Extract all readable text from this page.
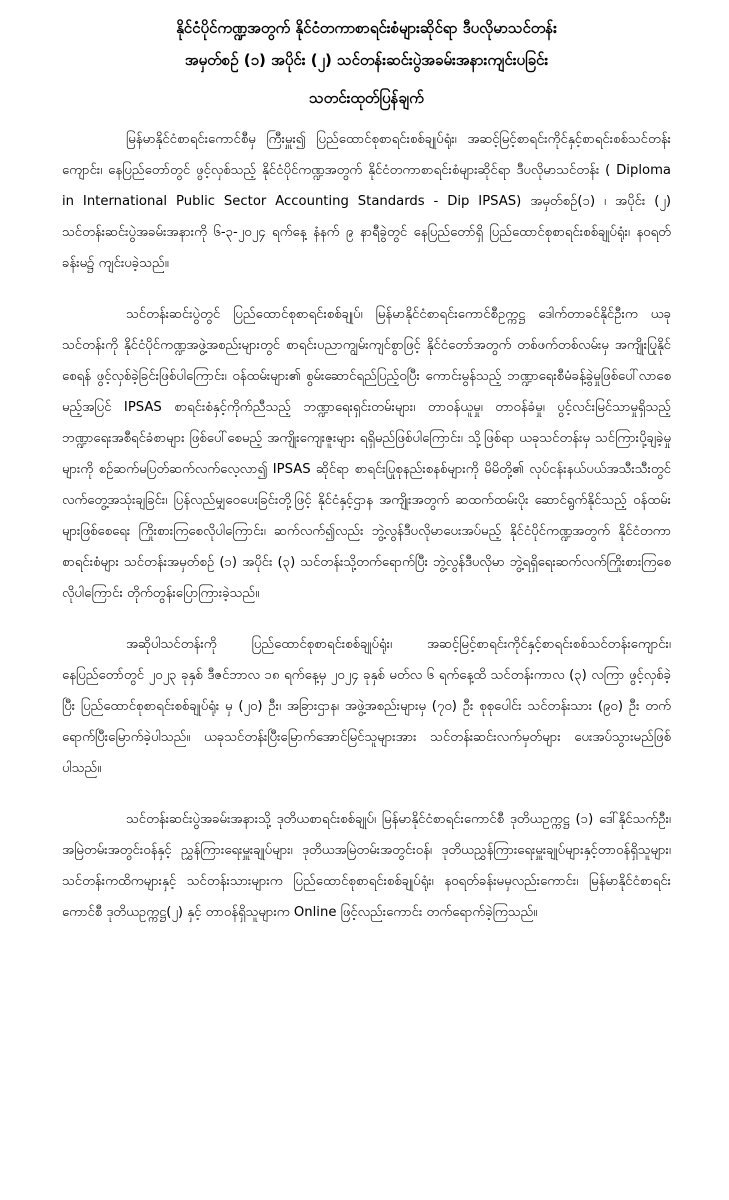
နိုင်ငံပိုင်ကဏ္ဍအတွက် နိုင်ငံတကာစာရင်းစံများဆိုင်ရာ ဒီပလိုမာသင်တန်း
အမှတ်စဉ် (၁) အပိုင်း (၂) သင်တန်းဆင်းပွဲအခမ်းအနားကျင်းပခြင်း
သတင်းထုတ်ပြန်ချက်

မြန်မာနိုင်ငံစာရင်းကောင်စီမှ ကြီးမှူး၍ ပြည်ထောင်စုစာရင်းစစ်ချုပ်ရုံး၊ အဆင့်မြင့်စာရင်းကိုင်နှင့်စာရင်းစစ်သင်တန်းကျောင်း၊ နေပြည်တော်တွင် ဖွင့်လှစ်သည့် နိုင်ငံပိုင်ကဏ္ဍအတွက် နိုင်ငံတကာစာရင်းစံများဆိုင်ရာ ဒီပလိုမာသင်တန်း ( Diploma in International Public Sector Accounting Standards - Dip IPSAS) အမှတ်စဉ်(၁) ၊ အပိုင်း (၂) သင်တန်းဆင်းပွဲအခမ်းအနားကို ၆-၃-၂၀၂၄ ရက်နေ့ နံနက် ၉ နာရီခွဲတွင် နေပြည်တော်ရှိ ပြည်ထောင်စုစာရင်းစစ်ချုပ်ရုံး၊ နဝရတ်ခန်းမ၌ ကျင်းပခဲ့သည်။

သင်တန်းဆင်းပွဲတွင် ပြည်ထောင်စုစာရင်းစစ်ချုပ်၊ မြန်မာနိုင်ငံစာရင်းကောင်စီဥက္ကဋ္ဌ ဒေါက်တာခင်နိုင်ဦးက ယခုသင်တန်းကို နိုင်ငံပိုင်ကဏ္ဍအဖွဲ့အစည်းများတွင် စာရင်းပညာကျွမ်းကျင်စွာဖြင့် နိုင်ငံတော်အတွက် တစ်ဖက်တစ်လမ်းမှ အကျိုးပြုနိုင်စေရန် ဖွင့်လှစ်ခဲ့ခြင်းဖြစ်ပါကြောင်း၊ ဝန်ထမ်းများ၏ စွမ်းဆောင်ရည်ပြည့်ဝပြီး ကောင်းမွန်သည့် ဘဏ္ဍာရေးစီမံခန့်ခွဲမှုဖြစ်ပေါ်လာစေမည့်အပြင် IPSAS စာရင်းစံနှင့်ကိုက်ညီသည့် ဘဏ္ဍာရေးရှင်းတမ်းများ၊ တာဝန်ယူမှု၊ တာဝန်ခံမှု၊ ပွင့်လင်းမြင်သာမှုရှိသည့် ဘဏ္ဍာရေးအစီရင်ခံစာများ ဖြစ်ပေါ်စေမည့် အကျိုးကျေးဇူးများ ရရှိမည်ဖြစ်ပါကြောင်း၊ သို့ဖြစ်ရာ ယခုသင်တန်းမှ သင်ကြားပို့ချခဲ့မှုများကို စဉ်ဆက်မပြတ်ဆက်လက်လေ့လာ၍ IPSAS ဆိုင်ရာ စာရင်းပြုစုနည်းစနစ်များကို မိမိတို့၏ လုပ်ငန်းနယ်ပယ်အသီးသီးတွင် လက်တွေ့အသုံးချခြင်း၊ ပြန်လည်မျှဝေပေးခြင်းတို့ဖြင့် နိုင်ငံနှင့်ဌာန အကျိုးအတွက် ဆထက်ထမ်းပိုး ဆောင်ရွက်နိုင်သည့် ဝန်ထမ်းများဖြစ်စေရေး ကြိုးစားကြစေလိုပါကြောင်း၊ ဆက်လက်၍လည်း ဘွဲ့လွန်ဒီပလိုမာပေးအပ်မည့် နိုင်ငံပိုင်ကဏ္ဍအတွက် နိုင်ငံတကာစာရင်းစံများ သင်တန်းအမှတ်စဉ် (၁) အပိုင်း (၃) သင်တန်းသို့တက်ရောက်ပြီး ဘွဲ့လွန်ဒီပလိုမာ ဘွဲ့ရရှိရေးဆက်လက်ကြိုးစားကြစေလိုပါကြောင်း တိုက်တွန်းပြောကြားခဲ့သည်။

အဆိုပါသင်တန်းကို ပြည်ထောင်စုစာရင်းစစ်ချုပ်ရုံး၊ အဆင့်မြင့်စာရင်းကိုင်နှင့်စာရင်းစစ်သင်တန်းကျောင်း၊ နေပြည်တော်တွင် ၂၀၂၃ ခုနှစ် ဒီဇင်ဘာလ ၁၈ ရက်နေ့မှ ၂၀၂၄ ခုနှစ် မတ်လ ၆ ရက်နေ့ထိ သင်တန်းကာလ (၃) လကြာ ဖွင့်လှစ်ခဲ့ပြီး ပြည်ထောင်စုစာရင်းစစ်ချုပ်ရုံး မှ (၂၀) ဦး၊ အခြားဌာန၊ အဖွဲ့အစည်းများမှ (၇၀) ဦး စုစုပေါင်း သင်တန်းသား (၉၀) ဦး တက်ရောက်ပြီးမြောက်ခဲ့ပါသည်။ ယခုသင်တန်းပြီးမြောက်အောင်မြင်သူများအား သင်တန်းဆင်းလက်မှတ်များ ပေးအပ်သွားမည်ဖြစ်ပါသည်။

သင်တန်းဆင်းပွဲအခမ်းအနားသို့ ဒုတိယစာရင်းစစ်ချုပ်၊ မြန်မာနိုင်ငံစာရင်းကောင်စီ ဒုတိယဥက္ကဋ္ဌ (၁) ဒေါ်နိုင်သက်ဦး၊ အမြဲတမ်းအတွင်းဝန်နှင့် ညွှန်ကြားရေးမှူးချုပ်များ၊ ဒုတိယအမြဲတမ်းအတွင်းဝန်၊ ဒုတိယညွှန်ကြားရေးမှူးချုပ်များနှင့်တာဝန်ရှိသူများ၊ သင်တန်းကထိကများနှင့် သင်တန်းသားများက ပြည်ထောင်စုစာရင်းစစ်ချုပ်ရုံး၊ နဝရတ်ခန်းမမှလည်းကောင်း၊ မြန်မာနိုင်ငံစာရင်းကောင်စီ ဒုတိယဥက္ကဋ္ဌ(၂) နှင့် တာဝန်ရှိသူများက Online ဖြင့်လည်းကောင်း တက်ရောက်ခဲ့ကြသည်။
